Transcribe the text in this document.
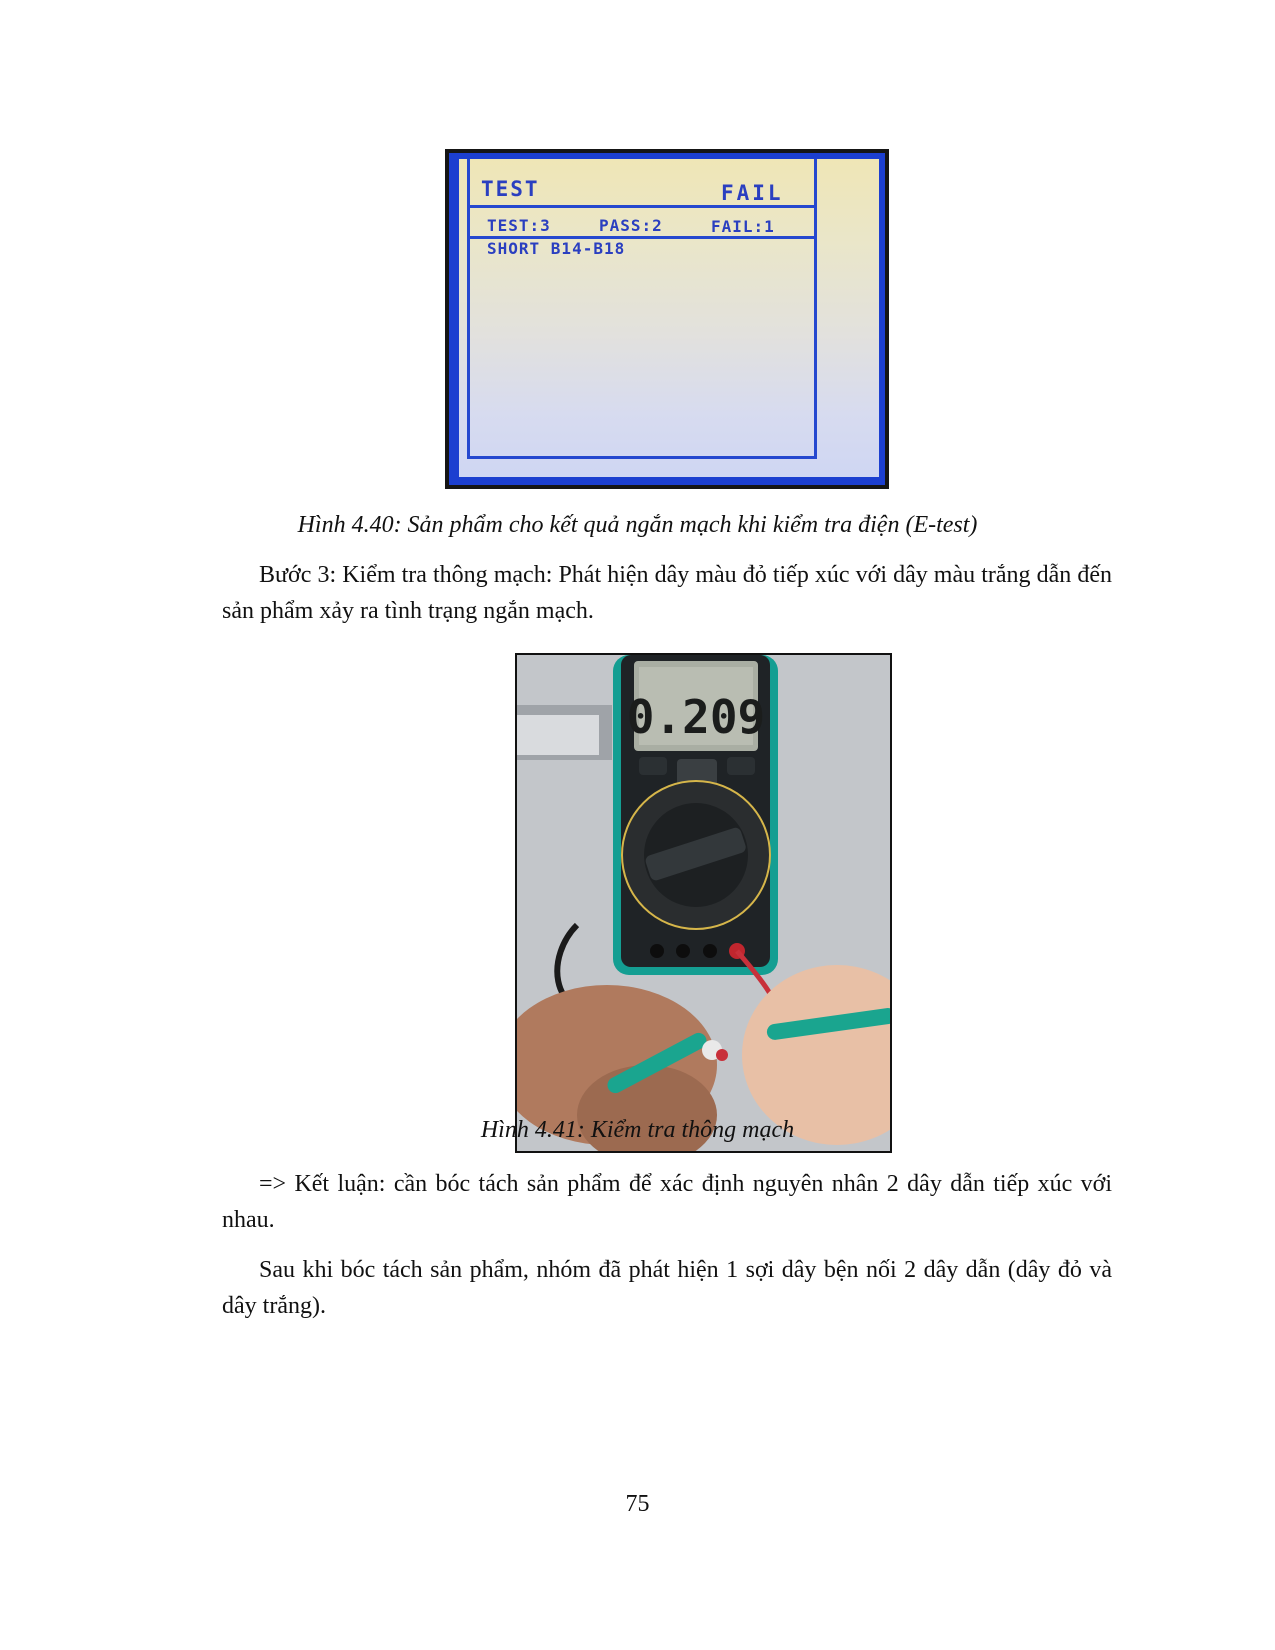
TEST	FAIL
TEST:3	PASS:2	FAIL:1
SHORT B14-B18
Hình 4.40: Sản phẩm cho kết quả ngắn mạch khi kiểm tra điện (E-test)

Bước 3: Kiểm tra thông mạch: Phát hiện dây màu đỏ tiếp xúc với dây màu trắng dẫn đến sản phẩm xảy ra tình trạng ngắn mạch.

0.209
Hình 4.41: Kiểm tra thông mạch

=> Kết luận: cần bóc tách sản phẩm để xác định nguyên nhân 2 dây dẫn tiếp xúc với nhau.

Sau khi bóc tách sản phẩm, nhóm đã phát hiện 1 sợi dây bện nối 2 dây dẫn (dây đỏ và dây trắng).

75
